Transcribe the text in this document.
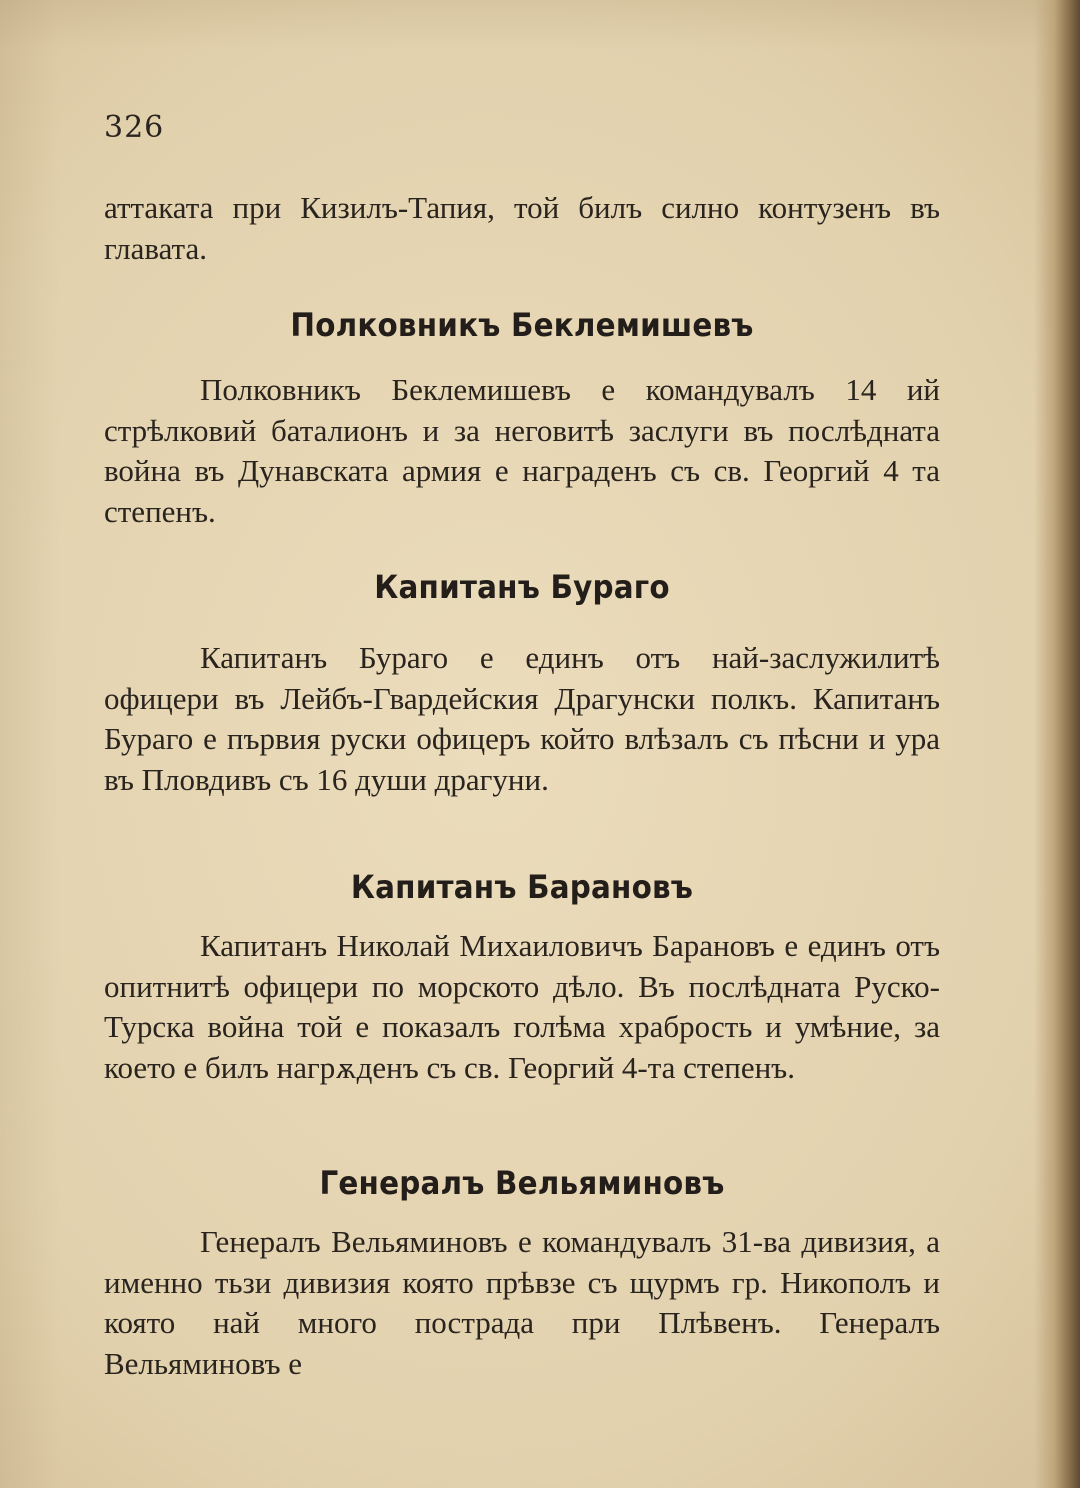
326

аттаката при Кизилъ-Тапия, той билъ силно контузенъ въ главата.

Полковникъ Беклемишевъ

Полковникъ Беклемишевъ е командувалъ 14 ий стрѣлковий баталионъ и за неговитѣ заслуги въ послѣдната война въ Дунавската армия е награденъ съ св. Георгий 4 та степенъ.

Капитанъ Бураго

Капитанъ Бураго е единъ отъ най-заслужилитѣ офицери въ Лейбъ-Гвардейския Драгунски полкъ. Капитанъ Бураго е първия руски офицеръ който влѣзалъ съ пѣсни и ура въ Пловдивъ съ 16 души драгуни.

Капитанъ Барановъ

Капитанъ Николай Михаиловичъ Барановъ е единъ отъ опитнитѣ офицери по морското дѣло. Въ послѣдната Руско-Турска война той е показалъ голѣма храбрость и умѣние, за което е билъ нагрѫденъ съ св. Георгий 4-та степенъ.

Генералъ Вельяминовъ

Генералъ Вельяминовъ е командувалъ 31-ва дивизия, а именно тьзи дивизия която прѣвзе съ щурмъ гр. Никополъ и която най много пострада при Плѣвенъ. Генералъ Вельяминовъ е
